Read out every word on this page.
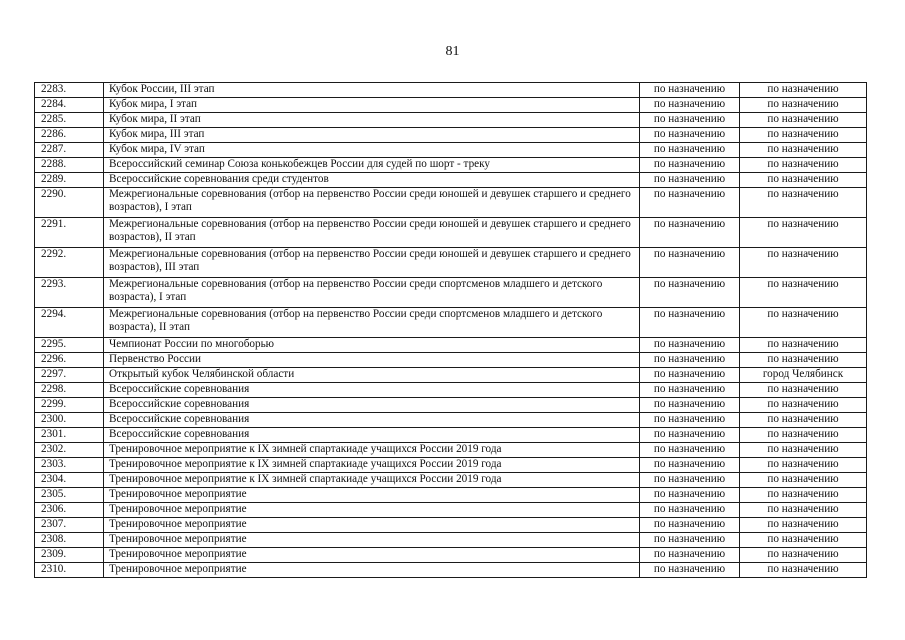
81
2283.	Кубок России, III этап	по назначению	по назначению
2284.	Кубок мира, I этап	по назначению	по назначению
2285.	Кубок мира, II этап	по назначению	по назначению
2286.	Кубок мира, III этап	по назначению	по назначению
2287.	Кубок мира, IV этап	по назначению	по назначению
2288.	Всероссийский семинар Союза конькобежцев России для судей по шорт - треку	по назначению	по назначению
2289.	Всероссийские соревнования среди студентов	по назначению	по назначению
2290.	Межрегиональные соревнования (отбор на первенство России среди юношей и девушек старшего и среднего возрастов), I этап	по назначению	по назначению
2291.	Межрегиональные соревнования (отбор на первенство России среди юношей и девушек старшего и среднего возрастов), II этап	по назначению	по назначению
2292.	Межрегиональные соревнования (отбор на первенство России среди юношей и девушек старшего и среднего возрастов), III этап	по назначению	по назначению
2293.	Межрегиональные соревнования (отбор на первенство России среди спортсменов младшего и детского возраста), I этап	по назначению	по назначению
2294.	Межрегиональные соревнования (отбор на первенство России среди спортсменов младшего и детского возраста), II этап	по назначению	по назначению
2295.	Чемпионат России по многоборью	по назначению	по назначению
2296.	Первенство России	по назначению	по назначению
2297.	Открытый кубок Челябинской области	по назначению	город Челябинск
2298.	Всероссийские соревнования	по назначению	по назначению
2299.	Всероссийские соревнования	по назначению	по назначению
2300.	Всероссийские соревнования	по назначению	по назначению
2301.	Всероссийские соревнования	по назначению	по назначению
2302.	Тренировочное мероприятие к IX зимней спартакиаде учащихся России 2019 года	по назначению	по назначению
2303.	Тренировочное мероприятие к IX зимней спартакиаде учащихся России 2019 года	по назначению	по назначению
2304.	Тренировочное мероприятие к IX зимней спартакиаде учащихся России 2019 года	по назначению	по назначению
2305.	Тренировочное мероприятие	по назначению	по назначению
2306.	Тренировочное мероприятие	по назначению	по назначению
2307.	Тренировочное мероприятие	по назначению	по назначению
2308.	Тренировочное мероприятие	по назначению	по назначению
2309.	Тренировочное мероприятие	по назначению	по назначению
2310.	Тренировочное мероприятие	по назначению	по назначению
